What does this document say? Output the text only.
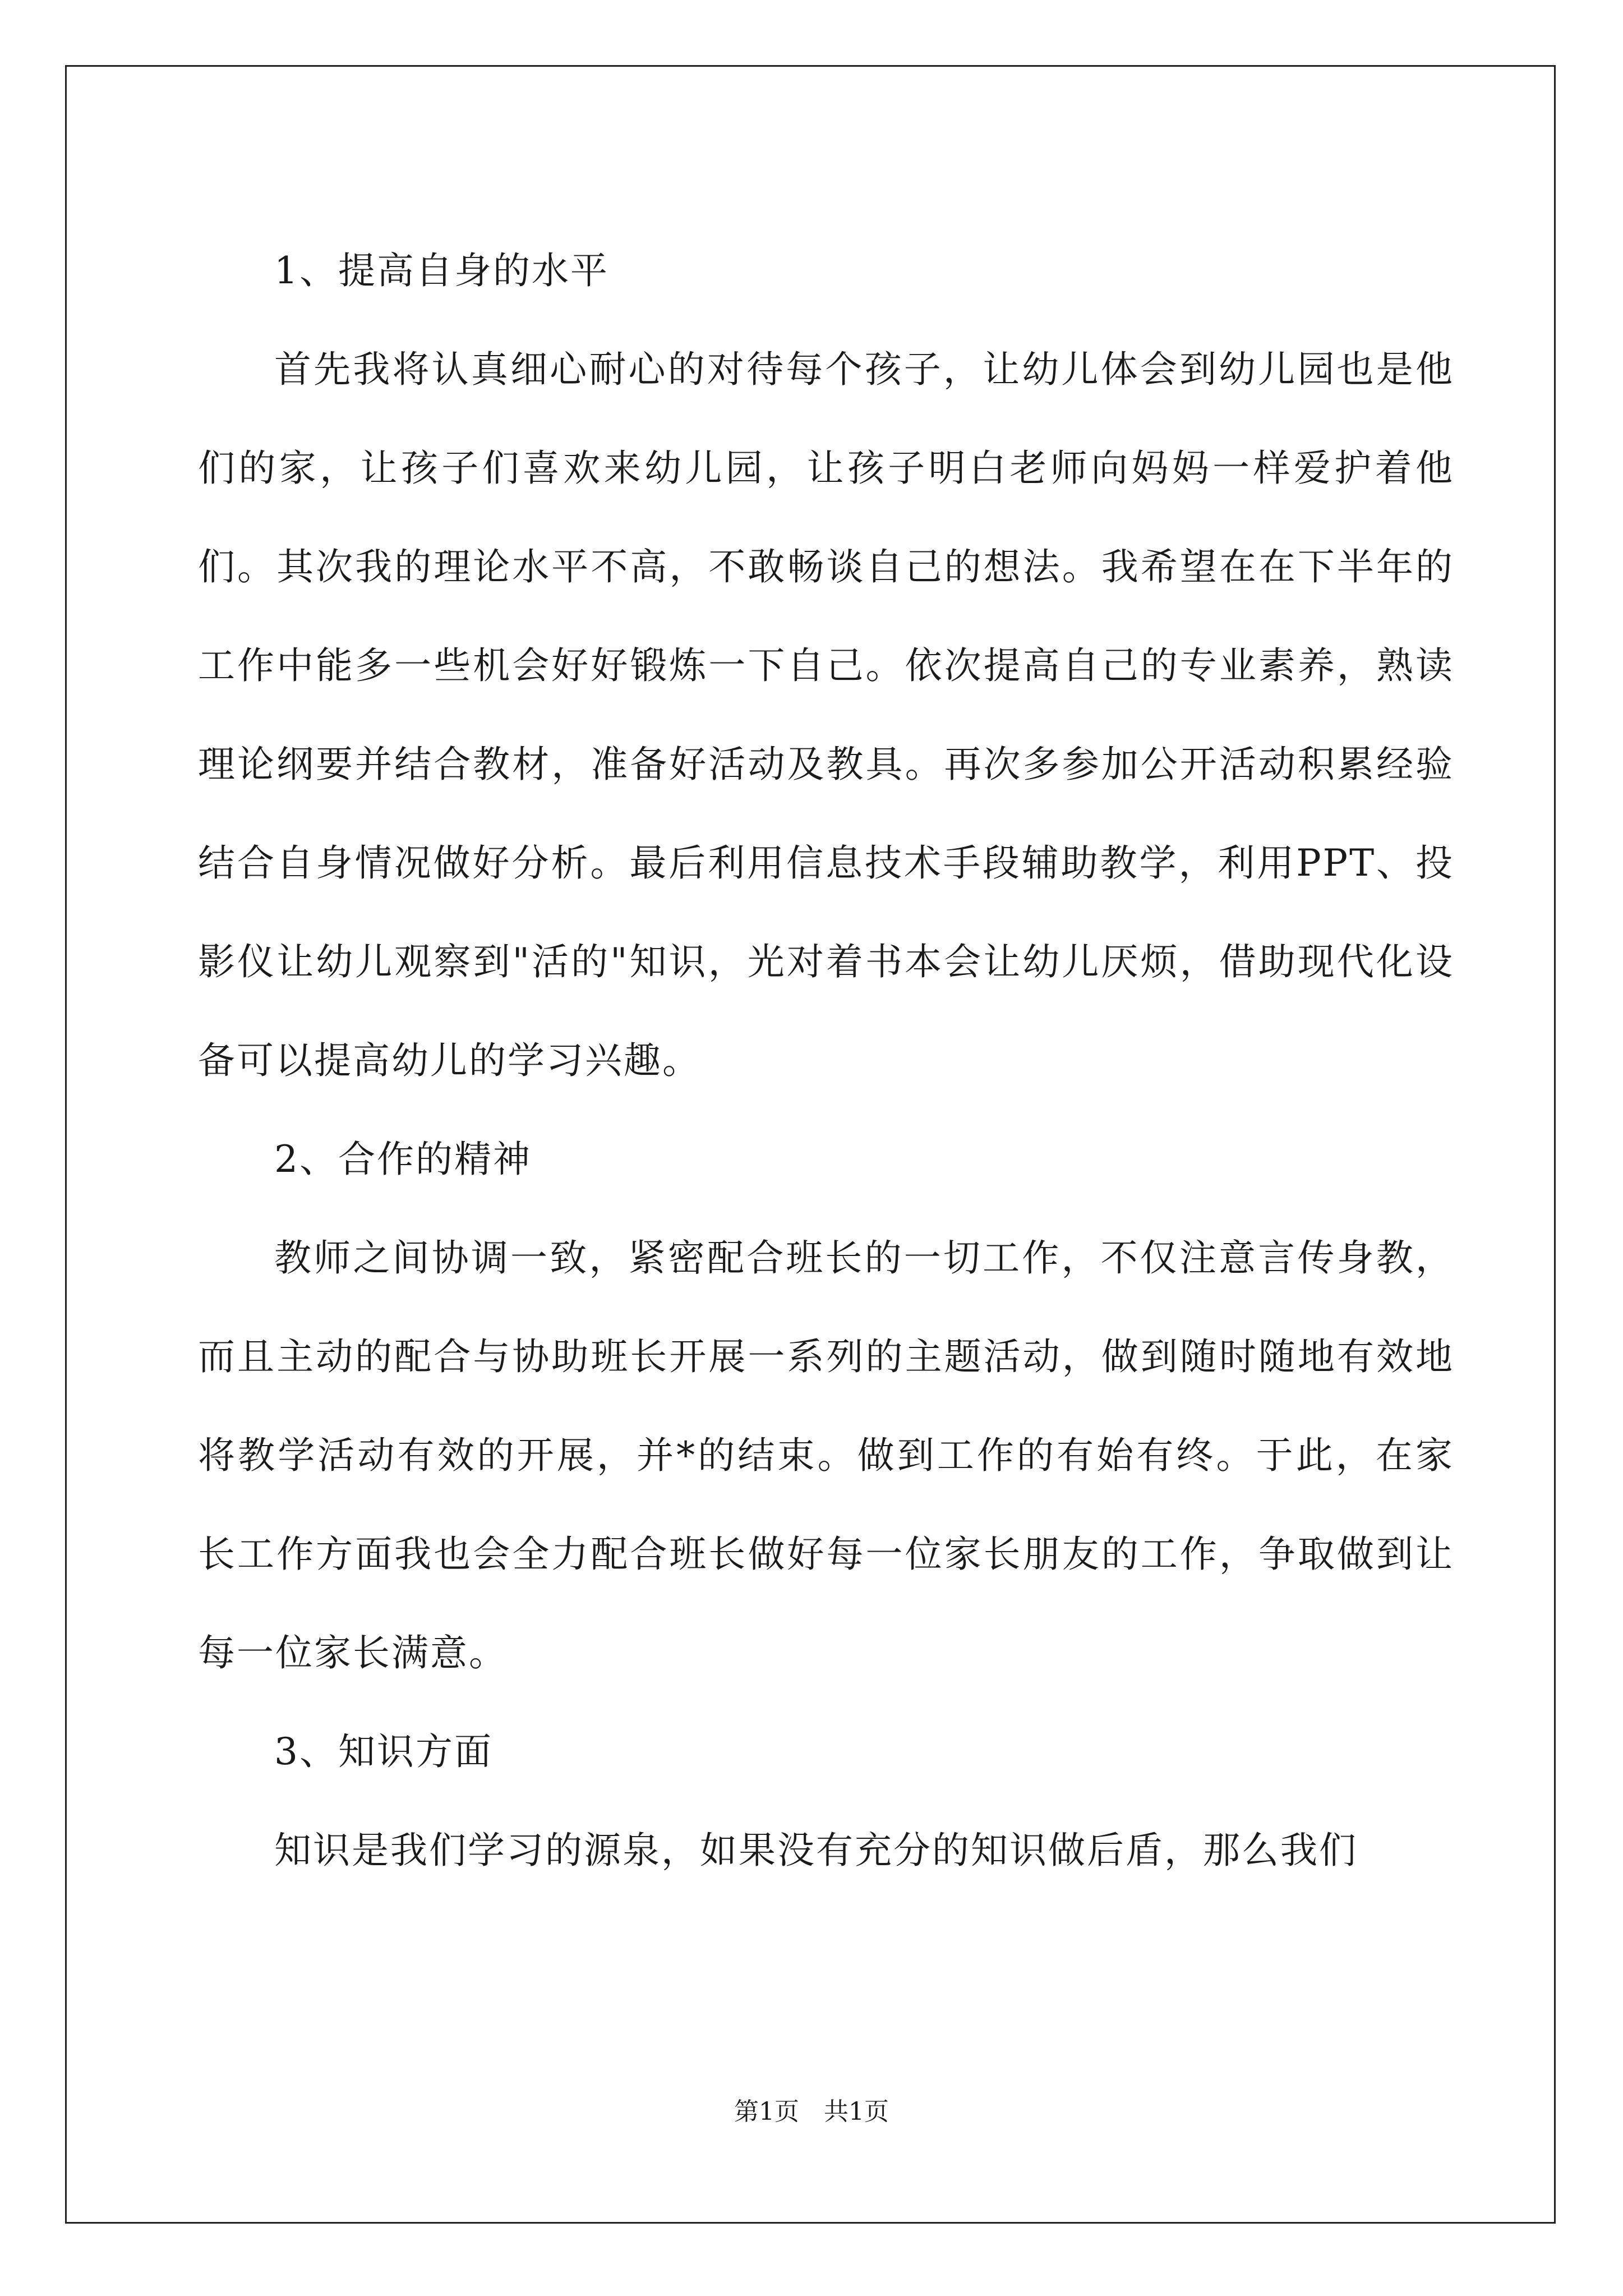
1、提高自身的水平

首先我将认真细心耐心的对待每个孩子，让幼儿体会到幼儿园也是他们的家，让孩子们喜欢来幼儿园，让孩子明白老师向妈妈一样爱护着他们。其次我的理论水平不高，不敢畅谈自己的想法。我希望在在下半年的工作中能多一些机会好好锻炼一下自己。依次提高自己的专业素养，熟读理论纲要并结合教材，准备好活动及教具。再次多参加公开活动积累经验结合自身情况做好分析。最后利用信息技术手段辅助教学，利用PPT、投影仪让幼儿观察到"活的"知识，光对着书本会让幼儿厌烦，借助现代化设备可以提高幼儿的学习兴趣。

2、合作的精神

教师之间协调一致，紧密配合班长的一切工作，不仅注意言传身教，而且主动的配合与协助班长开展一系列的主题活动，做到随时随地有效地将教学活动有效的开展，并*的结束。做到工作的有始有终。于此，在家长工作方面我也会全力配合班长做好每一位家长朋友的工作，争取做到让每一位家长满意。

3、知识方面

知识是我们学习的源泉，如果没有充分的知识做后盾，那么我们

第1页　共1页
